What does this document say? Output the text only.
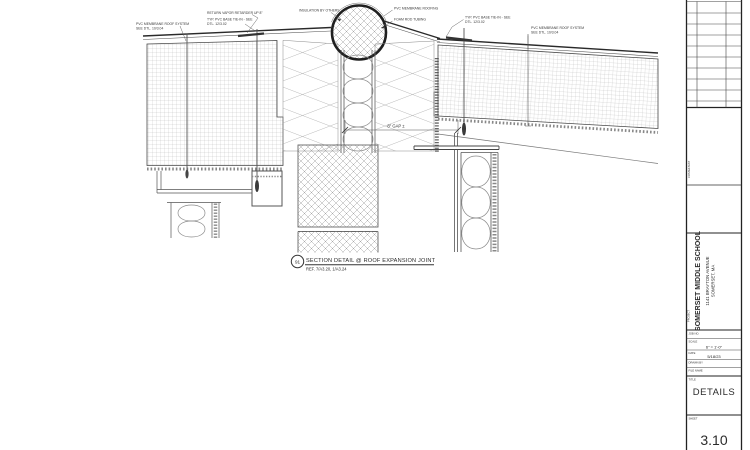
8" GAP ±
PVC MEMBRANE ROOF SYSTEM
SEE DTL. 10/3.04
RETURN VAPOR RETARDER UP 8"
TYP. PVC BASE TIE-IN - SEE
DTL. 12/3.02
INSULATION BY OTHERS	PVC MEMBRANE ROOFING
FOAM ROD TUBING	TYP. PVC BASE TIE-IN - SEE
DTL. 12/3.02
PVC MEMBRANE ROOF SYSTEM
SEE DTL. 10/3.04
91 SECTION DETAIL @ ROOF EXPANSION JOINT
REF. 7/A3.20, 1/A3.24
CONSULTANT
SOMERSET MIDDLE SCHOOL 1141 BRAYTON AVENUE SOMERSET, MA
PROJECT
JOB NO.
SCALE
6" = 1'-0"
DATE
5/18/23
DRAWN BY
FILE NAME
TITLE
DETAILS
SHEET
3.10
